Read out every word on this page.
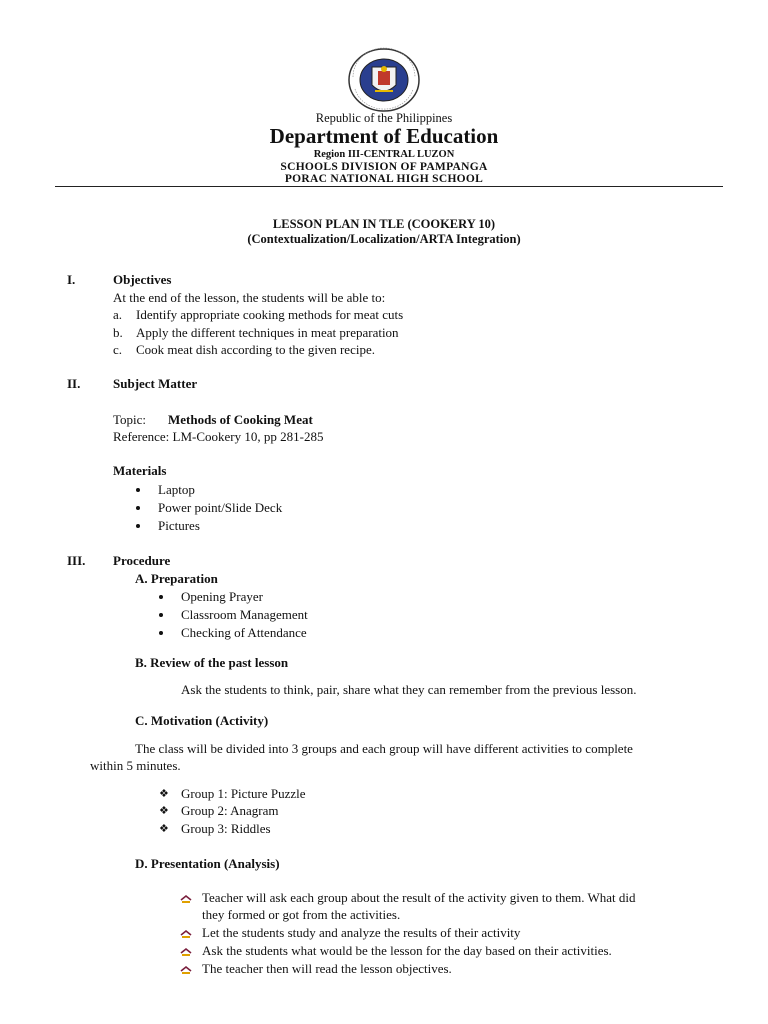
Republic of the Philippines
Department of Education
Region III-CENTRAL LUZON
SCHOOLS DIVISION OF PAMPANGA
PORAC NATIONAL HIGH SCHOOL
LESSON PLAN IN TLE (COOKERY 10)
(Contextualization/Localization/ARTA Integration)
I.	Objectives
At the end of the lesson, the students will be able to:
a. Identify appropriate cooking methods for meat cuts
b. Apply the different techniques in meat preparation
c. Cook meat dish according to the given recipe.
II.	Subject Matter
Topic: Methods of Cooking Meat
Reference: LM-Cookery 10, pp 281-285
Materials
Laptop
Power point/Slide Deck
Pictures
III. Procedure
A. Preparation
Opening Prayer
Classroom Management
Checking of Attendance
B. Review of the past lesson
Ask the students to think, pair, share what they can remember from the previous lesson.
C. Motivation (Activity)
The class will be divided into 3 groups and each group will have different activities to complete
within 5 minutes.
❖ Group 1: Picture Puzzle
❖ Group 2: Anagram
❖ Group 3: Riddles
D. Presentation (Analysis)
Teacher will ask each group about the result of the activity given to them. What did
they formed or got from the activities.
Let the students study and analyze the results of their activity
Ask the students what would be the lesson for the day based on their activities.
The teacher then will read the lesson objectives.
